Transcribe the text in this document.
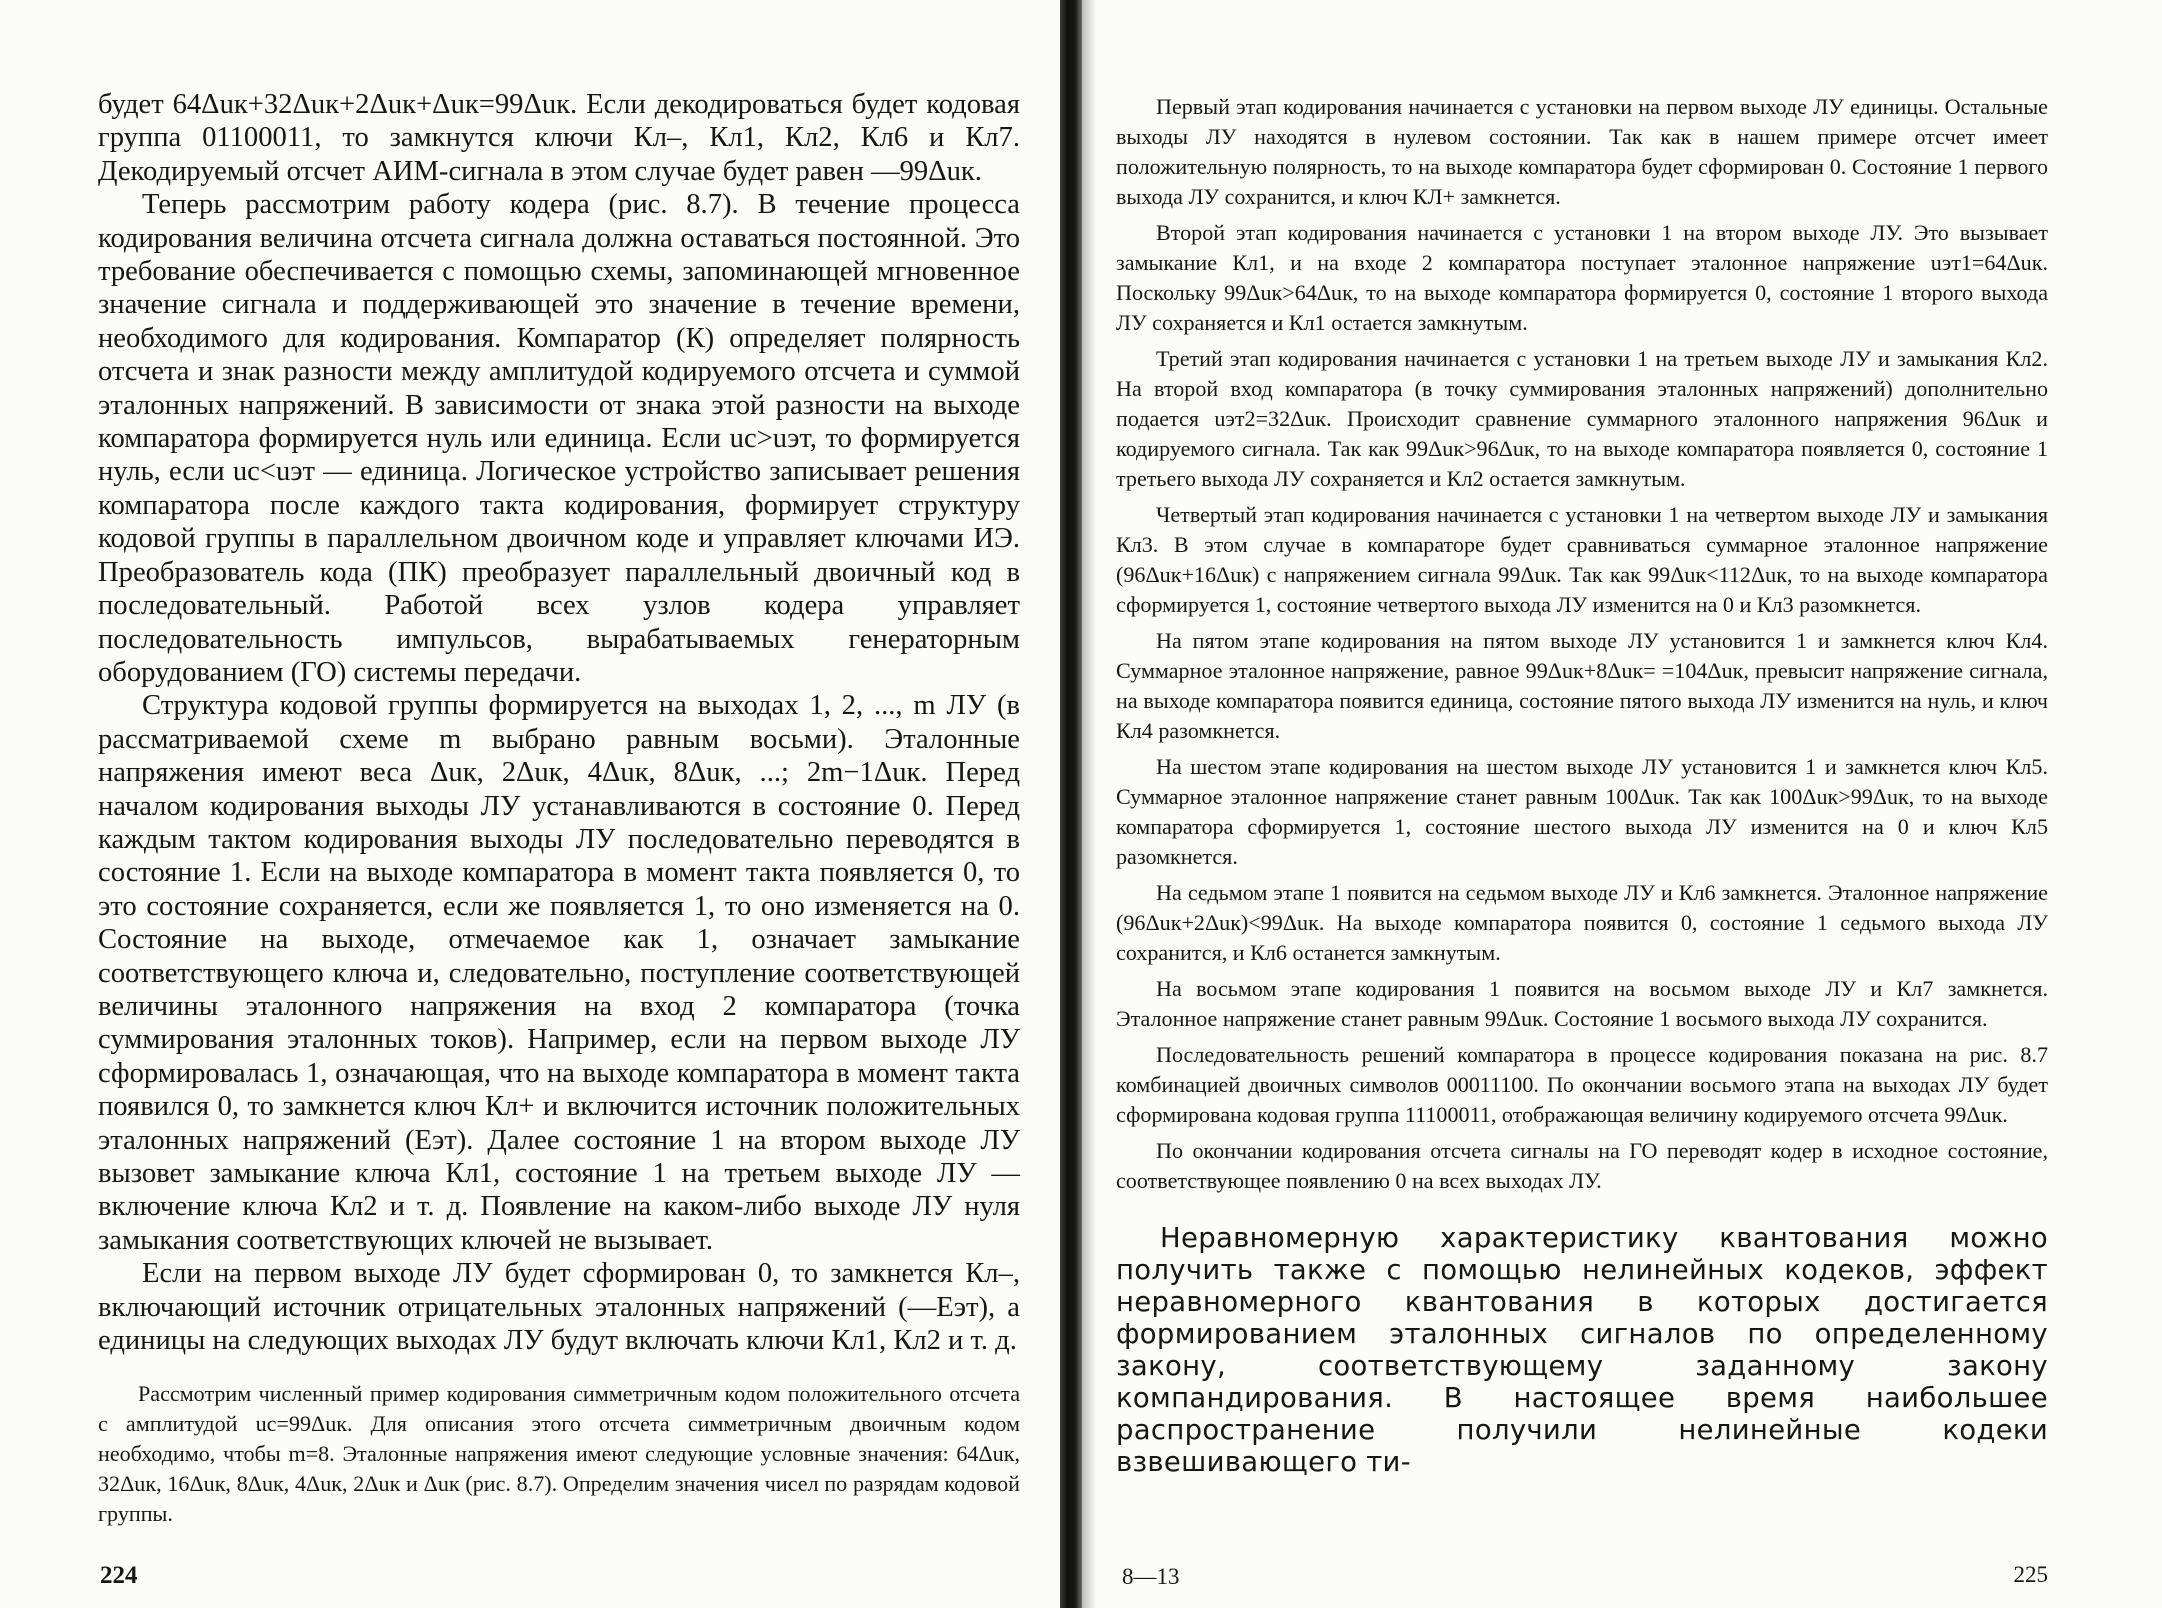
будет 64Δuк+32Δuк+2Δuк+Δuк=99Δuк. Если декодироваться будет кодовая группа 01100011, то замкнутся ключи Кл–, Кл1, Кл2, Кл6 и Кл7. Декодируемый отсчет АИМ-сигнала в этом случае будет равен —99Δuк.

Теперь рассмотрим работу кодера (рис. 8.7). В течение процесса кодирования величина отсчета сигнала должна оставаться постоянной. Это требование обеспечивается с помощью схемы, запоминающей мгновенное значение сигнала и поддерживающей это значение в течение времени, необходимого для кодирования. Компаратор (К) определяет полярность отсчета и знак разности между амплитудой кодируемого отсчета и суммой эталонных напряжений. В зависимости от знака этой разности на выходе компаратора формируется нуль или единица. Если uс>uэт, то формируется нуль, если uс<uэт — единица. Логическое устройство записывает решения компаратора после каждого такта кодирования, формирует структуру кодовой группы в параллельном двоичном коде и управляет ключами ИЭ. Преобразователь кода (ПК) преобразует параллельный двоичный код в последовательный. Работой всех узлов кодера управляет последовательность импульсов, вырабатываемых генераторным оборудованием (ГО) системы передачи.

Структура кодовой группы формируется на выходах 1, 2, ..., m ЛУ (в рассматриваемой схеме m выбрано равным восьми). Эталонные напряжения имеют веса Δuк, 2Δuк, 4Δuк, 8Δuк, ...; 2m−1Δuк. Перед началом кодирования выходы ЛУ устанавливаются в состояние 0. Перед каждым тактом кодирования выходы ЛУ последовательно переводятся в состояние 1. Если на выходе компаратора в момент такта появляется 0, то это состояние сохраняется, если же появляется 1, то оно изменяется на 0. Состояние на выходе, отмечаемое как 1, означает замыкание соответствующего ключа и, следовательно, поступление соответствующей величины эталонного напряжения на вход 2 компаратора (точка суммирования эталонных токов). Например, если на первом выходе ЛУ сформировалась 1, означающая, что на выходе компаратора в момент такта появился 0, то замкнется ключ Кл+ и включится источник положительных эталонных напряжений (Еэт). Далее состояние 1 на втором выходе ЛУ вызовет замыкание ключа Кл1, состояние 1 на третьем выходе ЛУ — включение ключа Кл2 и т. д. Появление на каком-либо выходе ЛУ нуля замыкания соответствующих ключей не вызывает.

Если на первом выходе ЛУ будет сформирован 0, то замкнется Кл–, включающий источник отрицательных эталонных напряжений (—Еэт), а единицы на следующих выходах ЛУ будут включать ключи Кл1, Кл2 и т. д.

Рассмотрим численный пример кодирования симметричным кодом положительного отсчета с амплитудой uс=99Δuк. Для описания этого отсчета симметричным двоичным кодом необходимо, чтобы m=8. Эталонные напряжения имеют следующие условные значения: 64Δuк, 32Δuк, 16Δuк, 8Δuк, 4Δuк, 2Δuк и Δuк (рис. 8.7). Определим значения чисел по разрядам кодовой группы.

224

Первый этап кодирования начинается с установки на первом выходе ЛУ единицы. Остальные выходы ЛУ находятся в нулевом состоянии. Так как в нашем примере отсчет имеет положительную полярность, то на выходе компаратора будет сформирован 0. Состояние 1 первого выхода ЛУ сохранится, и ключ КЛ+ замкнется.

Второй этап кодирования начинается с установки 1 на втором выходе ЛУ. Это вызывает замыкание Кл1, и на входе 2 компаратора поступает эталонное напряжение uэт1=64Δuк. Поскольку 99Δuк>64Δuк, то на выходе компаратора формируется 0, состояние 1 второго выхода ЛУ сохраняется и Кл1 остается замкнутым.

Третий этап кодирования начинается с установки 1 на третьем выходе ЛУ и замыкания Кл2. На второй вход компаратора (в точку суммирования эталонных напряжений) дополнительно подается uэт2=32Δuк. Происходит сравнение суммарного эталонного напряжения 96Δuк и кодируемого сигнала. Так как 99Δuк>96Δuк, то на выходе компаратора появляется 0, состояние 1 третьего выхода ЛУ сохраняется и Кл2 остается замкнутым.

Четвертый этап кодирования начинается с установки 1 на четвертом выходе ЛУ и замыкания Кл3. В этом случае в компараторе будет сравниваться суммарное эталонное напряжение (96Δuк+16Δuк) с напряжением сигнала 99Δuк. Так как 99Δuк<112Δuк, то на выходе компаратора сформируется 1, состояние четвертого выхода ЛУ изменится на 0 и Кл3 разомкнется.

На пятом этапе кодирования на пятом выходе ЛУ установится 1 и замкнется ключ Кл4. Суммарное эталонное напряжение, равное 99Δuк+8Δuк= =104Δuк, превысит напряжение сигнала, на выходе компаратора появится единица, состояние пятого выхода ЛУ изменится на нуль, и ключ Кл4 разомкнется.

На шестом этапе кодирования на шестом выходе ЛУ установится 1 и замкнется ключ Кл5. Суммарное эталонное напряжение станет равным 100Δuк. Так как 100Δuк>99Δuк, то на выходе компаратора сформируется 1, состояние шестого выхода ЛУ изменится на 0 и ключ Кл5 разомкнется.

На седьмом этапе 1 появится на седьмом выходе ЛУ и Кл6 замкнется. Эталонное напряжение (96Δuк+2Δuк)<99Δuк. На выходе компаратора появится 0, состояние 1 седьмого выхода ЛУ сохранится, и Кл6 останется замкнутым.

На восьмом этапе кодирования 1 появится на восьмом выходе ЛУ и Кл7 замкнется. Эталонное напряжение станет равным 99Δuк. Состояние 1 восьмого выхода ЛУ сохранится.

Последовательность решений компаратора в процессе кодирования показана на рис. 8.7 комбинацией двоичных символов 00011100. По окончании восьмого этапа на выходах ЛУ будет сформирована кодовая группа 11100011, отображающая величину кодируемого отсчета 99Δuк.

По окончании кодирования отсчета сигналы на ГО переводят кодер в исходное состояние, соответствующее появлению 0 на всех выходах ЛУ.

Неравномерную характеристику квантования можно получить также с помощью нелинейных кодеков, эффект неравномерного квантования в которых достигается формированием эталонных сигналов по определенному закону, соответствующему заданному закону компандирования. В настоящее время наибольшее распространение получили нелинейные кодеки взвешивающего ти-

8—13	225
